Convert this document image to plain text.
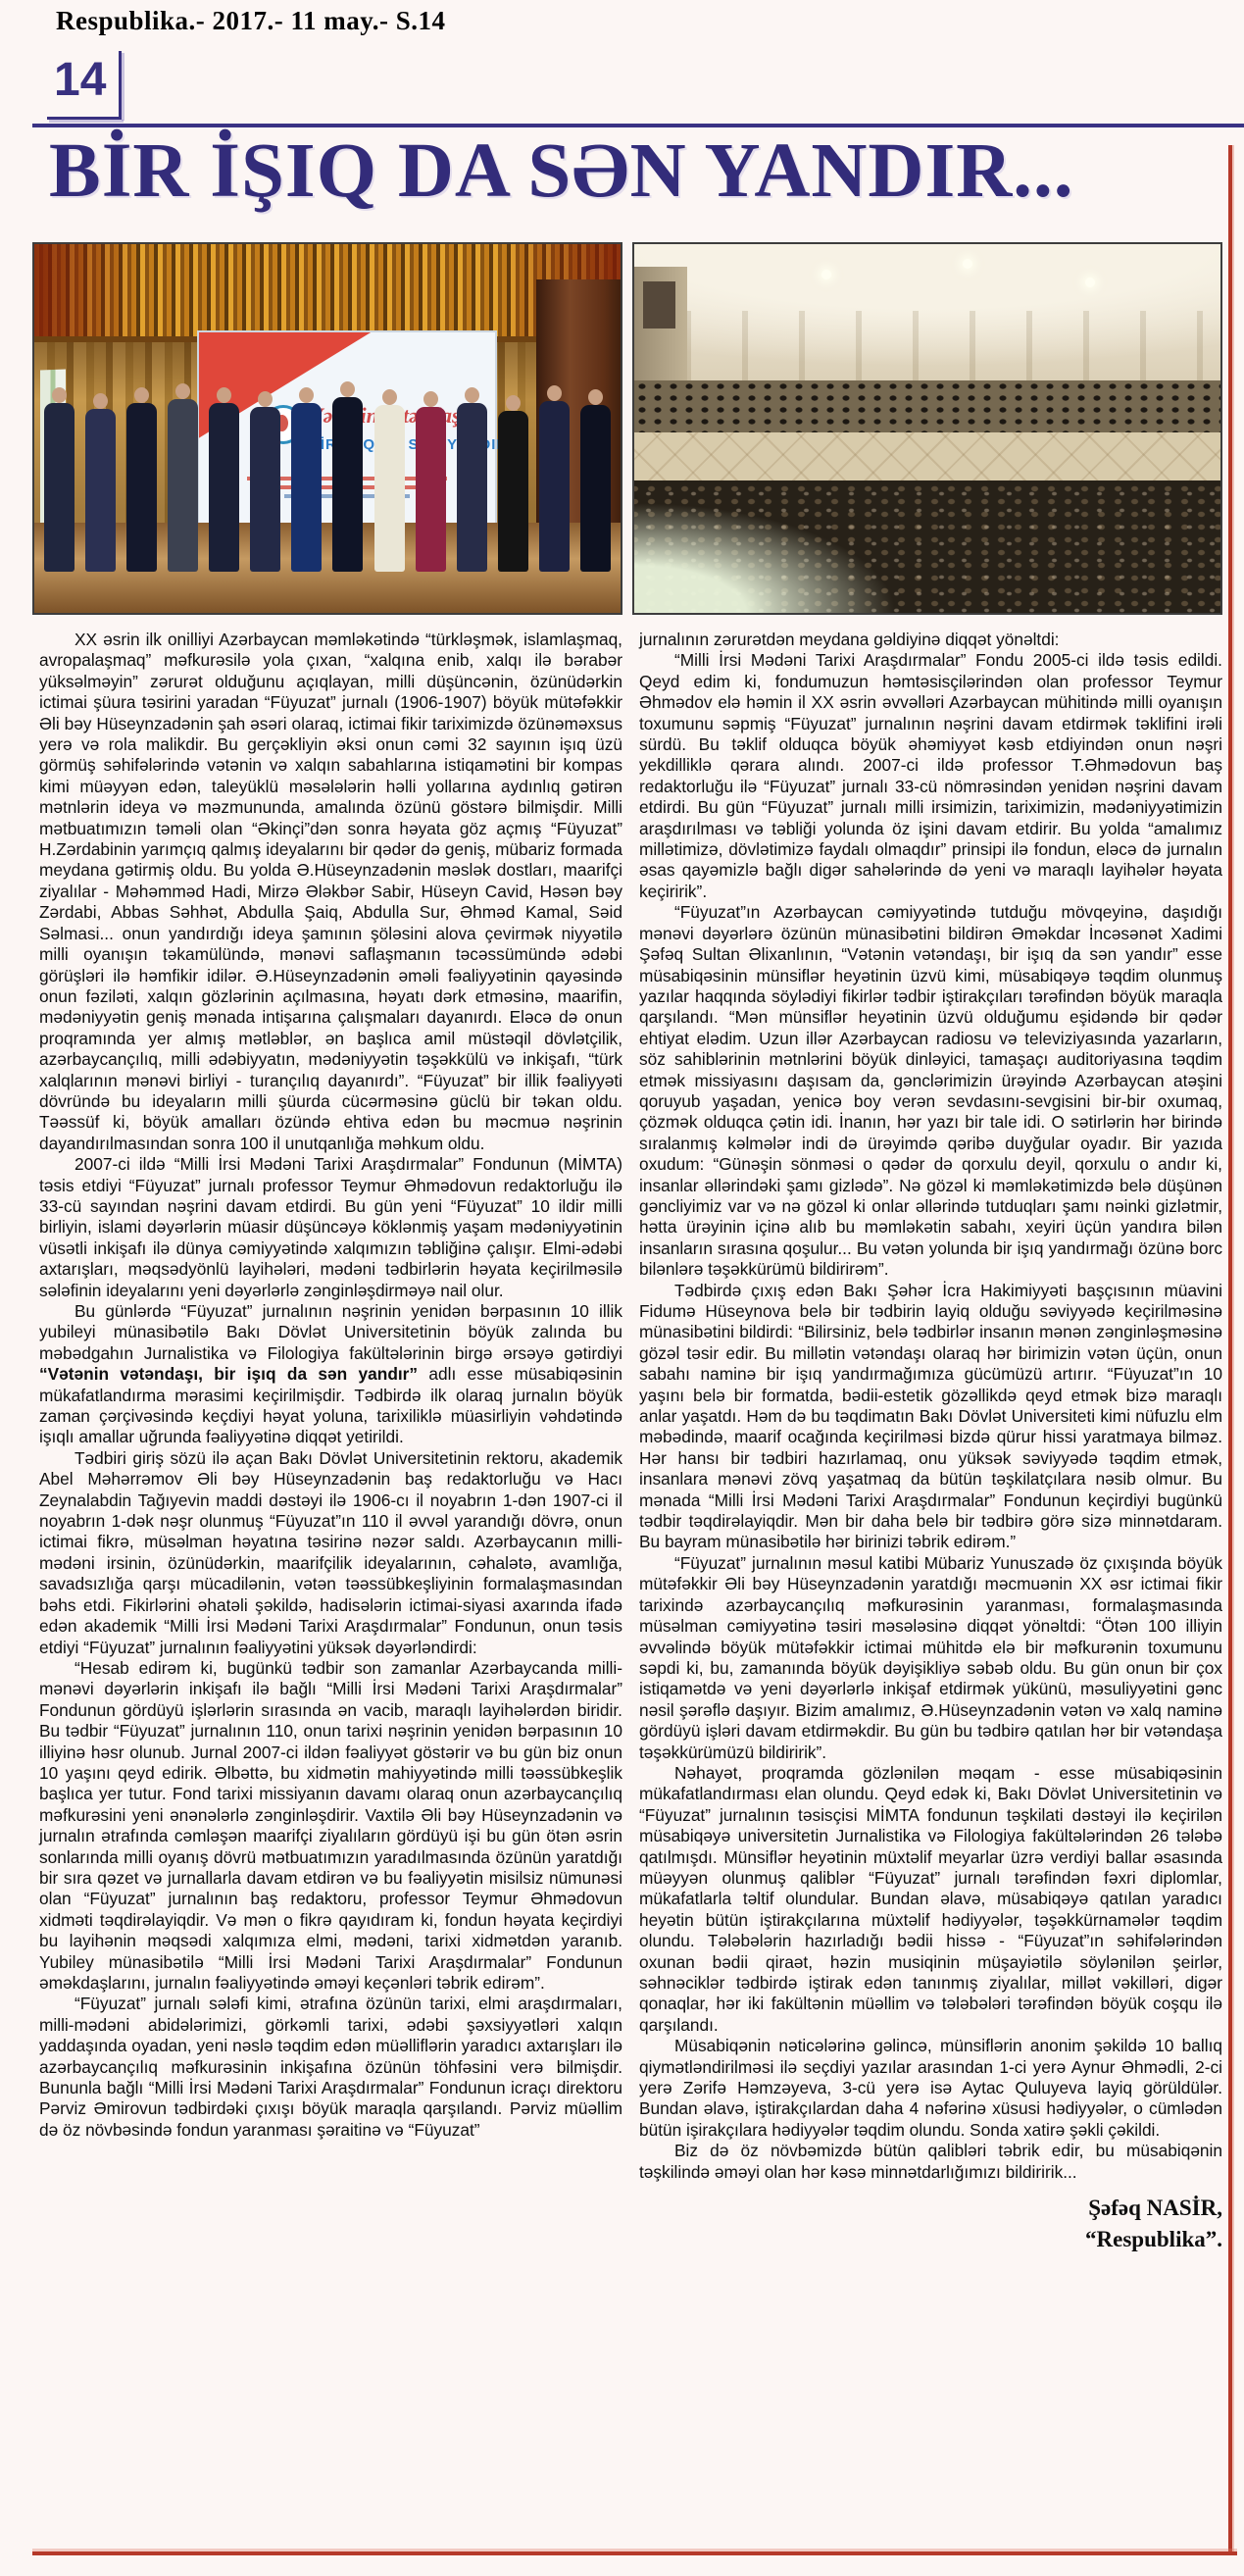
Respublika.- 2017.- 11 may.- S.14
14
BİR İŞIQ DA SƏN YANDIR...
BİR

XX əsrin ilk onilliyi Azərbaycan məmləkətində “türkləşmək, islamlaşmaq, avropalaşmaq” məfkurəsilə yola çıxan, “xalqına enib, xalqı ilə bərabər yüksəlməyin” zərurət olduğunu açıqlayan, milli düşüncənin, özünüdərkin ictimai şüura təsirini yaradan “Füyuzat” jurnalı (1906-1907) böyük mütəfəkkir Əli bəy Hüseynzadənin şah əsəri olaraq, ictimai fikir tariximizdə özünəməxsus yerə və rola malikdir. Bu gerçəkliyin əksi onun cəmi 32 sayının işıq üzü görmüş səhifələrində vətənin və xalqın sabahlarına istiqamətini bir kompas kimi müəyyən edən, taleyüklü məsələlərin həlli yollarına aydınlıq gətirən mətnlərin ideya və məzmununda, amalında özünü göstərə bilmişdir. Milli mətbuatımızın təməli olan “Əkinçi”dən sonra həyata göz açmış “Füyuzat” H.Zərdabinin yarımçıq qalmış ideyalarını bir qədər də geniş, mübariz formada meydana gətirmiş oldu. Bu yolda Ə.Hüseynzadənin məslək dostları, maarifçi ziyalılar - Məhəmməd Hadi, Mirzə Ələkbər Sabir, Hüseyn Cavid, Həsən bəy Zərdabi, Abbas Səhhət, Abdulla Şaiq, Abdulla Sur, Əhməd Kamal, Səid Səlmasi... onun yandırdığı ideya şamının şöləsini alova çevirmək niyyətilə milli oyanışın təkamülündə, mənəvi saflaşmanın təcəssümündə ədəbi görüşləri ilə həmfikir idilər. Ə.Hüseynzadənin əməli fəaliyyətinin qayəsində onun fəziləti, xalqın gözlərinin açılmasına, həyatı dərk etməsinə, maarifin, mədəniyyətin geniş mənada intişarına çalışmaları dayanırdı. Eləcə də onun proqramında yer almış mətləblər, ən başlıca amil müstəqil dövlətçilik, azərbaycançılıq, milli ədəbiyyatın, mədəniyyətin təşəkkülü və inkişafı, “türk xalqlarının mənəvi birliyi - turançılıq dayanırdı”. “Füyuzat” bir illik fəaliyyəti dövründə bu ideyaların milli şüurda cücərməsinə güclü bir təkan oldu. Təəssüf ki, böyük amalları özündə ehtiva edən bu məcmuə nəşrinin dayandırılmasından sonra 100 il unutqanlığa məhkum oldu.

2007-ci ildə “Milli İrsi Mədəni Tarixi Araşdırmalar” Fondunun (MİMTA) təsis etdiyi “Füyuzat” jurnalı professor Teymur Əhmədovun redaktorluğu ilə 33-cü sayından nəşrini davam etdirdi. Bu gün yeni “Füyuzat” 10 ildir milli birliyin, islami dəyərlərin müasir düşüncəyə köklənmiş yaşam mədəniyyətinin vüsətli inkişafı ilə dünya cəmiyyətində xalqımızın təbliğinə çalışır. Elmi-ədəbi axtarışları, məqsədyönlü layihələri, mədəni tədbirlərin həyata keçirilməsilə sələfinin ideyalarını yeni dəyərlərlə zənginləşdirməyə nail olur.

Bu günlərdə “Füyuzat” jurnalının nəşrinin yenidən bərpasının 10 illik yubileyi münasibətilə Bakı Dövlət Universitetinin böyük zalında bu məbədgahın Jurnalistika və Filologiya fakültələrinin birgə ərsəyə gətirdiyi “Vətənin vətəndaşı, bir işıq da sən yandır” adlı esse müsabiqəsinin mükafatlandırma mərasimi keçirilmişdir. Tədbirdə ilk olaraq jurnalın böyük zaman çərçivəsində keçdiyi həyat yoluna, tarixiliklə müasirliyin vəhdətində işıqlı amallar uğrunda fəaliyyətinə diqqət yetirildi.

Tədbiri giriş sözü ilə açan Bakı Dövlət Universitetinin rektoru, akademik Abel Məhərrəmov Əli bəy Hüseynzadənin baş redaktorluğu və Hacı Zeynalabdin Tağıyevin maddi dəstəyi ilə 1906-cı il noyabrın 1-dən 1907-ci il noyabrın 1-dək nəşr olunmuş “Füyuzat”ın 110 il əvvəl yarandığı dövrə, onun ictimai fikrə, müsəlman həyatına təsirinə nəzər saldı. Azərbaycanın milli-mədəni irsinin, özünüdərkin, maarifçilik ideyalarının, cəhalətə, avamlığa, savadsızlığa qarşı mücadilənin, vətən təəssübkeşliyinin formalaşmasından bəhs etdi. Fikirlərini əhatəli şəkildə, hadisələrin ictimai-siyasi axarında ifadə edən akademik “Milli İrsi Mədəni Tarixi Araşdırmalar” Fondunun, onun təsis etdiyi “Füyuzat” jurnalının fəaliyyətini yüksək dəyərləndirdi:

“Hesab edirəm ki, bugünkü tədbir son zamanlar Azərbaycanda milli-mənəvi dəyərlərin inkişafı ilə bağlı “Milli İrsi Mədəni Tarixi Araşdırmalar” Fondunun gördüyü işlərlərin sırasında ən vacib, maraqlı layihələrdən biridir. Bu tədbir “Füyuzat” jurnalının 110, onun tarixi nəşrinin yenidən bərpasının 10 illiyinə həsr olunub. Jurnal 2007-ci ildən fəaliyyət göstərir və bu gün biz onun 10 yaşını qeyd edirik. Əlbəttə, bu xidmətin mahiyyətində milli təəssübkeşlik başlıca yer tutur. Fond tarixi missiyanın davamı olaraq onun azərbaycançılıq məfkurəsini yeni ənənələrlə zənginləşdirir. Vaxtilə Əli bəy Hüseynzadənin və jurnalın ətrafında cəmləşən maarifçi ziyalıların gördüyü işi bu gün ötən əsrin sonlarında milli oyanış dövrü mətbuatımızın yaradılmasında özünün yaratdığı bir sıra qəzet və jurnallarla davam etdirən və bu fəaliyyətin misilsiz nümunəsi olan “Füyuzat” jurnalının baş redaktoru, professor Teymur Əhmədovun xidməti təqdirəlayiqdir. Və mən o fikrə qayıdıram ki, fondun həyata keçirdiyi bu layihənin məqsədi xalqımıza elmi, mədəni, tarixi xidmətdən yaranıb. Yubiley münasibətilə “Milli İrsi Mədəni Tarixi Araşdırmalar” Fondunun əməkdaşlarını, jurnalın fəaliyyətində əməyi keçənləri təbrik edirəm”.

“Füyuzat” jurnalı sələfi kimi, ətrafına özünün tarixi, elmi araşdırmaları, milli-mədəni abidələrimizi, görkəmli tarixi, ədəbi şəxsiyyətləri xalqın yaddaşında oyadan, yeni nəslə təqdim edən müəlliflərin yaradıcı axtarışları ilə azərbaycançılıq məfkurəsinin inkişafına özünün töhfəsini verə bilmişdir. Bununla bağlı “Milli İrsi Mədəni Tarixi Araşdırmalar” Fondunun icraçı direktoru Pərviz Əmirovun tədbirdəki çıxışı böyük maraqla qarşılandı. Pərviz müəllim də öz növbəsində fondun yaranması şəraitinə və “Füyuzat”

jurnalının zərurətdən meydana gəldiyinə diqqət yönəltdi:

“Milli İrsi Mədəni Tarixi Araşdırmalar” Fondu 2005-ci ildə təsis edildi. Qeyd edim ki, fondumuzun həmtəsisçilərindən olan professor Teymur Əhmədov elə həmin il XX əsrin əvvəlləri Azərbaycan mühitində milli oyanışın toxumunu səpmiş “Füyuzat” jurnalının nəşrini davam etdirmək təklifini irəli sürdü. Bu təklif olduqca böyük əhəmiyyət kəsb etdiyindən onun nəşri yekdilliklə qərara alındı. 2007-ci ildə professor T.Əhmədovun baş redaktorluğu ilə “Füyuzat” jurnalı 33-cü nömrəsindən yenidən nəşrini davam etdirdi. Bu gün “Füyuzat” jurnalı milli irsimizin, tariximizin, mədəniyyətimizin araşdırılması və təbliği yolunda öz işini davam etdirir. Bu yolda “amalımız millətimizə, dövlətimizə faydalı olmaqdır” prinsipi ilə fondun, eləcə də jurnalın əsas qayəmizlə bağlı digər sahələrində də yeni və maraqlı layihələr həyata keçiririk”.

“Füyuzat”ın Azərbaycan cəmiyyətində tutduğu mövqeyinə, daşıdığı mənəvi dəyərlərə özünün münasibətini bildirən Əməkdar İncəsənət Xadimi Şəfəq Sultan Əlixanlının, “Vətənin vətəndaşı, bir işıq da sən yandır” esse müsabiqəsinin münsiflər heyətinin üzvü kimi, müsabiqəyə təqdim olunmuş yazılar haqqında söylədiyi fikirlər tədbir iştirakçıları tərəfindən böyük maraqla qarşılandı. “Mən münsiflər heyətinin üzvü olduğumu eşidəndə bir qədər ehtiyat elədim. Uzun illər Azərbaycan radiosu və televiziyasında yazarların, söz sahiblərinin mətnlərini böyük dinləyici, tamaşaçı auditoriyasına təqdim etmək missiyasını daşısam da, gənclərimizin ürəyində Azərbaycan atəşini qoruyub yaşadan, yenicə boy verən sevdasını-sevgisini bir-bir oxumaq, çözmək olduqca çətin idi. İnanın, hər yazı bir tale idi. O sətirlərin hər birində sıralanmış kəlmələr indi də ürəyimdə qəribə duyğular oyadır. Bir yazıda oxudum: “Günəşin sönməsi o qədər də qorxulu deyil, qorxulu o andır ki, insanlar əllərindəki şamı gizlədə”. Nə gözəl ki məmləkətimizdə belə düşünən gəncliyimiz var və nə gözəl ki onlar əllərində tutduqları şamı nəinki gizlətmir, hətta ürəyinin içinə alıb bu məmləkətin sabahı, xeyiri üçün yandıra bilən insanların sırasına qoşulur... Bu vətən yolunda bir işıq yandırmağı özünə borc bilənlərə təşəkkürümü bildirirəm”.

Tədbirdə çıxış edən Bakı Şəhər İcra Hakimiyyəti başçısının müavini Fidumə Hüseynova belə bir tədbirin layiq olduğu səviyyədə keçirilməsinə münasibətini bildirdi: “Bilirsiniz, belə tədbirlər insanın mənən zənginləşməsinə gözəl təsir edir. Bu millətin vətəndaşı olaraq hər birimizin vətən üçün, onun sabahı naminə bir işıq yandırmağımıza gücümüzü artırır. “Füyuzat”ın 10 yaşını belə bir formatda, bədii-estetik gözəllikdə qeyd etmək bizə maraqlı anlar yaşatdı. Həm də bu təqdimatın Bakı Dövlət Universiteti kimi nüfuzlu elm məbədində, maarif ocağında keçirilməsi bizdə qürur hissi yaratmaya bilməz. Hər hansı bir tədbiri hazırlamaq, onu yüksək səviyyədə təqdim etmək, insanlara mənəvi zövq yaşatmaq da bütün təşkilatçılara nəsib olmur. Bu mənada “Milli İrsi Mədəni Tarixi Araşdırmalar” Fondunun keçirdiyi bugünkü tədbir təqdirəlayiqdir. Mən bir daha belə bir tədbirə görə sizə minnətdaram. Bu bayram münasibətilə hər birinizi təbrik edirəm.”

“Füyuzat” jurnalının məsul katibi Mübariz Yunuszadə öz çıxışında böyük mütəfəkkir Əli bəy Hüseynzadənin yaratdığı məcmuənin XX əsr ictimai fikir tarixində azərbaycançılıq məfkurəsinin yaranması, formalaşmasında müsəlman cəmiyyətinə təsiri məsələsinə diqqət yönəltdi: “Ötən 100 illiyin əvvəlində böyük mütəfəkkir ictimai mühitdə elə bir məfkurənin toxumunu səpdi ki, bu, zamanında böyük dəyişikliyə səbəb oldu. Bu gün onun bir çox istiqamətdə və yeni dəyərlərlə inkişaf etdirmək yükünü, məsuliyyətini gənc nəsil şərəflə daşıyır. Bizim amalımız, Ə.Hüseynzadənin vətən və xalq naminə gördüyü işləri davam etdirməkdir. Bu gün bu tədbirə qatılan hər bir vətəndaşa təşəkkürümüzü bildiririk”.

Nəhayət, proqramda gözlənilən məqam - esse müsabiqəsinin mükafatlandırması elan olundu. Qeyd edək ki, Bakı Dövlət Universitetinin və “Füyuzat” jurnalının təsisçisi MİMTA fondunun təşkilati dəstəyi ilə keçirilən müsabiqəyə universitetin Jurnalistika və Filologiya fakültələrindən 26 tələbə qatılmışdı. Münsiflər heyətinin müxtəlif meyarlar üzrə verdiyi ballar əsasında müəyyən olunmuş qaliblər “Füyuzat” jurnalı tərəfindən fəxri diplomlar, mükafatlarla təltif olundular. Bundan əlavə, müsabiqəyə qatılan yaradıcı heyətin bütün iştirakçılarına müxtəlif hədiyyələr, təşəkkürnamələr təqdim olundu. Tələbələrin hazırladığı bədii hissə - “Füyuzat”ın səhifələrindən oxunan bədii qiraət, həzin musiqinin müşayiətilə söylənilən şeirlər, səhnəciklər tədbirdə iştirak edən tanınmış ziyalılar, millət vəkilləri, digər qonaqlar, hər iki fakültənin müəllim və tələbələri tərəfindən böyük coşqu ilə qarşılandı.

Müsabiqənin nəticələrinə gəlincə, münsiflərin anonim şəkildə 10 ballıq qiymətləndirilməsi ilə seçdiyi yazılar arasından 1-ci yerə Aynur Əhmədli, 2-ci yerə Zərifə Həmzəyeva, 3-cü yerə isə Aytac Quluyeva layiq görüldülər. Bundan əlavə, iştirakçılardan daha 4 nəfərinə xüsusi hədiyyələr, o cümlədən bütün işirakçılara hədiyyələr təqdim olundu. Sonda xatirə şəkli çəkildi.

Biz də öz növbəmizdə bütün qalibləri təbrik edir, bu müsabiqənin təşkilində əməyi olan hər kəsə minnətdarlığımızı bildiririk...

Şəfəq NASİR,
“Respublika”.
